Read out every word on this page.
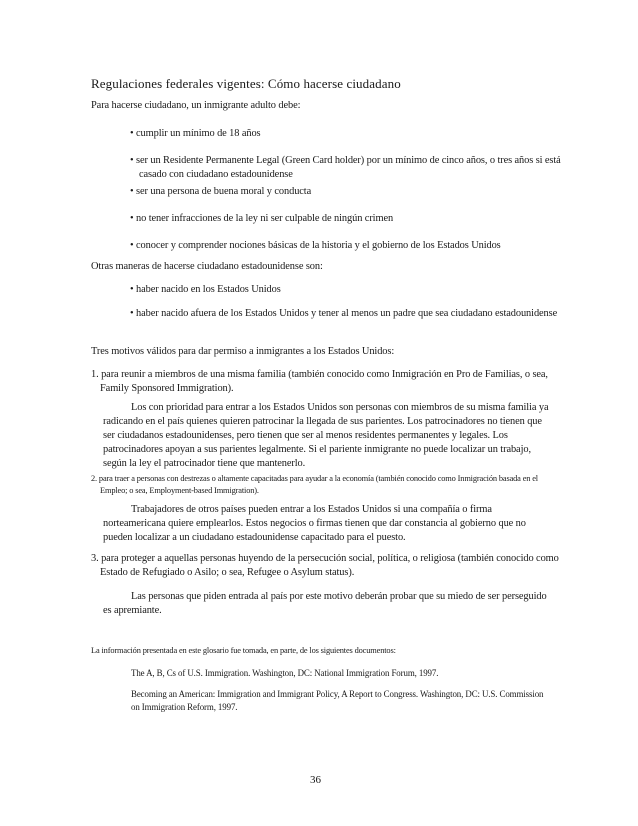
Regulaciones federales vigentes: Cómo hacerse ciudadano

Para hacerse ciudadano, un inmigrante adulto debe:

• cumplir un mínimo de 18 años

• ser un Residente Permanente Legal (Green Card holder) por un mínimo de cinco años, o tres años si está casado con ciudadano estadounidense

• ser una persona de buena moral y conducta

• no tener infracciones de la ley ni ser culpable de ningún crimen

• conocer y comprender nociones básicas de la historia y el gobierno de los Estados Unidos

Otras maneras de hacerse ciudadano estadounidense son:

• haber nacido en los Estados Unidos

• haber nacido afuera de los Estados Unidos y tener al menos un padre que sea ciudadano estadounidense

Tres motivos válidos para dar permiso a inmigrantes a los Estados Unidos:

1. para reunir a miembros de una misma familia (también conocido como Inmigración en Pro de Familias, o sea, Family Sponsored Immigration).

Los con prioridad para entrar a los Estados Unidos son personas con miembros de su misma familia ya radicando en el país quienes quieren patrocinar la llegada de sus parientes. Los patrocinadores no tienen que ser ciudadanos estadounidenses, pero tienen que ser al menos residentes permanentes y legales. Los patrocinadores apoyan a sus parientes legalmente. Si el pariente inmigrante no puede localizar un trabajo, según la ley el patrocinador tiene que mantenerlo.

2. para traer a personas con destrezas o altamente capacitadas para ayudar a la economía (también conocido como Inmigración basada en el Empleo; o sea, Employment-based Immigration).

Trabajadores de otros países pueden entrar a los Estados Unidos si una compañía o firma norteamericana quiere emplearlos. Estos negocios o firmas tienen que dar constancia al gobierno que no pueden localizar a un ciudadano estadounidense capacitado para el puesto.

3. para proteger a aquellas personas huyendo de la persecución social, política, o religiosa (también conocido como Estado de Refugiado o Asilo; o sea, Refugee o Asylum status).

Las personas que piden entrada al país por este motivo deberán probar que su miedo de ser perseguido es apremiante.

La información presentada en este glosario fue tomada, en parte, de los siguientes documentos:

The A, B, Cs of U.S. Immigration. Washington, DC: National Immigration Forum, 1997.

Becoming an American: Immigration and Immigrant Policy, A Report to Congress. Washington, DC: U.S. Commission on Immigration Reform, 1997.

36
